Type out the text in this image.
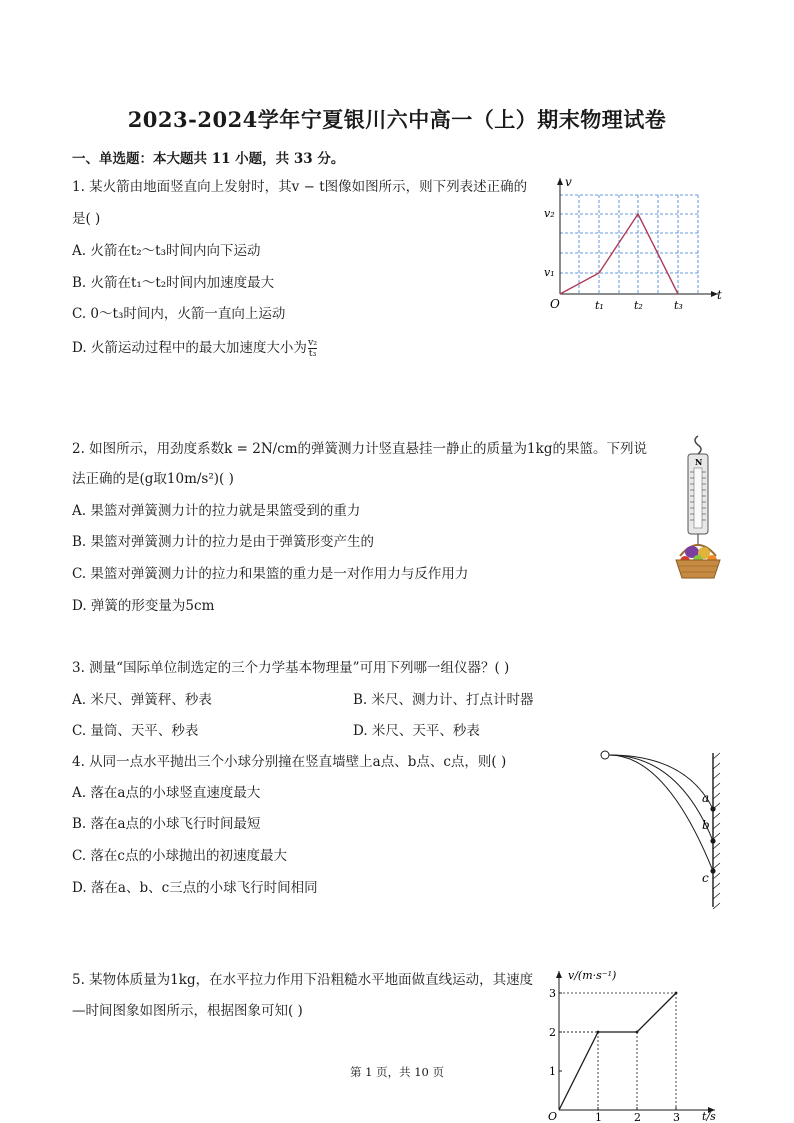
2023-2024学年宁夏银川六中高一（上）期末物理试卷
一、单选题：本大题共 11 小题，共 33 分。
1. 某火箭由地面竖直向上发射时，其v − t图像如图所示，则下列表述正确的
是( )
A. 火箭在t₂～t₃时间内向下运动
B. 火箭在t₁～t₂时间内加速度最大
C. 0～t₃时间内，火箭一直向上运动
D. 火箭运动过程中的最大加速度大小为 $\frac{\text{v₂}}{\text{t₃}}$
v
t
O
v₂
v₁
t₁	t₂	t₃
2. 如图所示，用劲度系数k = 2N/cm的弹簧测力计竖直悬挂一静止的质量为1kg的果篮。下列说
法正确的是(g取10m/s²)( )
A. 果篮对弹簧测力计的拉力就是果篮受到的重力
B. 果篮对弹簧测力计的拉力是由于弹簧形变产生的
C. 果篮对弹簧测力计的拉力和果篮的重力是一对作用力与反作用力
D. 弹簧的形变量为5cm
N
3. 测量“国际单位制选定的三个力学基本物理量”可用下列哪一组仪器？( )
A. 米尺、弹簧秤、秒表	B. 米尺、测力计、打点计时器
C. 量筒、天平、秒表	D. 米尺、天平、秒表
4. 从同一点水平抛出三个小球分别撞在竖直墙壁上a点、b点、c点，则( )
A. 落在a点的小球竖直速度最大
B. 落在a点的小球飞行时间最短
C. 落在c点的小球抛出的初速度最大
D. 落在a、b、c三点的小球飞行时间相同
a
b
c
5. 某物体质量为1kg，在水平拉力作用下沿粗糙水平地面做直线运动，其速度
—时间图象如图所示，根据图象可知( )
1	2	3
1
2
3
v/(m·s⁻¹)
t/s
O
第 1 页，共 10 页
